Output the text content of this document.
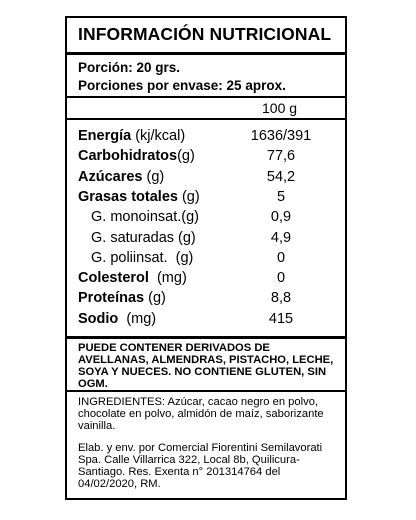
INFORMACIÓN NUTRICIONAL
Porción: 20 grs.
Porciones por envase: 25 aprox.
100 g
Energía (kj/kcal)	1636/391
Carbohidratos(g)	77,6
Azúcares (g)	54,2
Grasas totales (g)	5
G. monoinsat.(g)	0,9
G. saturadas (g)	4,9
G. poliinsat.  (g)	0
Colesterol  (mg)	0
Proteínas (g)	8,8
Sodio  (mg)	415
PUEDE CONTENER DERIVADOS DE AVELLANAS, ALMENDRAS, PISTACHO, LECHE, SOYA Y NUECES. NO CONTIENE GLUTEN, SIN OGM.
INGREDIENTES: Azúcar, cacao negro en polvo, chocolate en polvo, almidón de maíz, saborizante vainilla.
Elab. y env. por Comercial Fiorentini Semilavorati Spa. Calle Villarrica 322, Local 8b, Quilicura-Santiago. Res. Exenta n° 201314764 del 04/02/2020, RM.
